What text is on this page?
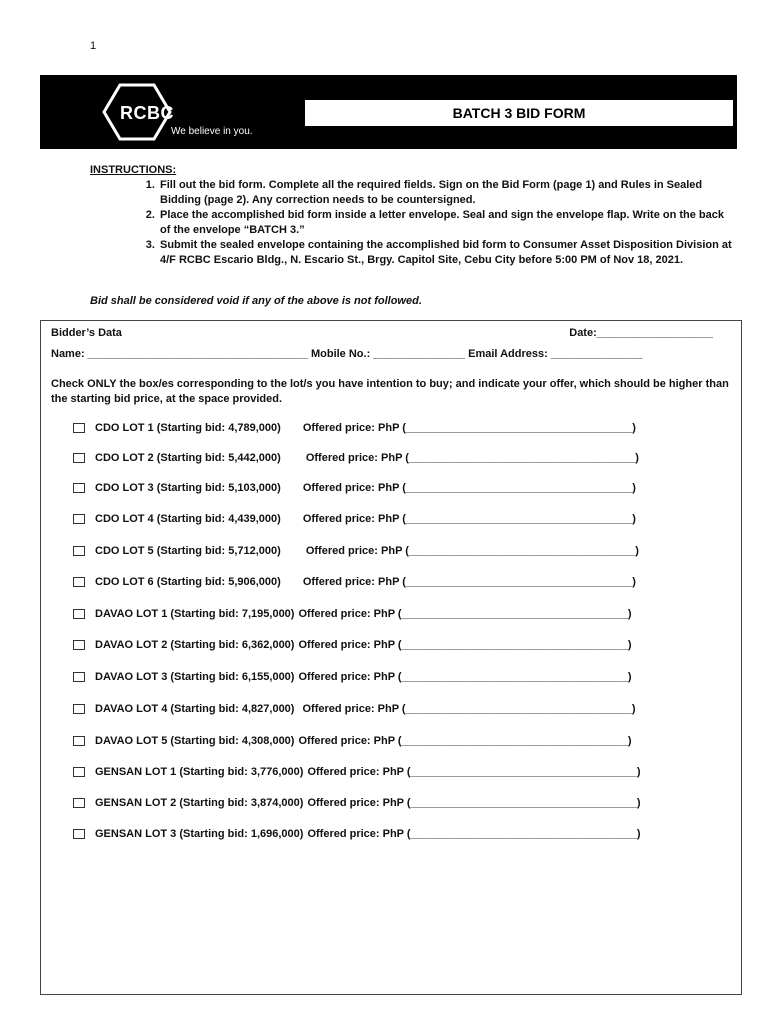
1
RCBC
We believe in you.
BATCH 3 BID FORM
INSTRUCTIONS:
1. Fill out the bid form. Complete all the required fields. Sign on the Bid Form (page 1) and Rules in Sealed Bidding (page 2). Any correction needs to be countersigned.
2. Place the accomplished bid form inside a letter envelope. Seal and sign the envelope flap. Write on the back of the envelope “BATCH 3.”
3. Submit the sealed envelope containing the accomplished bid form to Consumer Asset Disposition Division at 4/F RCBC Escario Bldg., N. Escario St., Brgy. Capitol Site, Cebu City before 5:00 PM of Nov 18, 2021.
Bid shall be considered void if any of the above is not followed.
Bidder’s Data	Date:___________________
Name: ____________________________________ Mobile No.: _______________ Email Address: _______________
Check ONLY the box/es corresponding to the lot/s you have intention to buy; and indicate your offer, which should be higher than the starting bid price, at the space provided.
CDO LOT 1 (Starting bid: 4,789,000) Offered price: PhP (_____________________________________)
CDO LOT 2 (Starting bid: 5,442,000) Offered price: PhP (_____________________________________)
CDO LOT 3 (Starting bid: 5,103,000) Offered price: PhP (_____________________________________)
CDO LOT 4 (Starting bid: 4,439,000) Offered price: PhP (_____________________________________)
CDO LOT 5 (Starting bid: 5,712,000) Offered price: PhP (_____________________________________)
CDO LOT 6 (Starting bid: 5,906,000) Offered price: PhP (_____________________________________)
DAVAO LOT 1 (Starting bid: 7,195,000) Offered price: PhP (_____________________________________)
DAVAO LOT 2 (Starting bid: 6,362,000) Offered price: PhP (_____________________________________)
DAVAO LOT 3 (Starting bid: 6,155,000) Offered price: PhP (_____________________________________)
DAVAO LOT 4 (Starting bid: 4,827,000) Offered price: PhP (_____________________________________)
DAVAO LOT 5 (Starting bid: 4,308,000) Offered price: PhP (_____________________________________)
GENSAN LOT 1 (Starting bid: 3,776,000) Offered price: PhP (_____________________________________)
GENSAN LOT 2 (Starting bid: 3,874,000) Offered price: PhP (_____________________________________)
GENSAN LOT 3 (Starting bid: 1,696,000) Offered price: PhP (_____________________________________)
